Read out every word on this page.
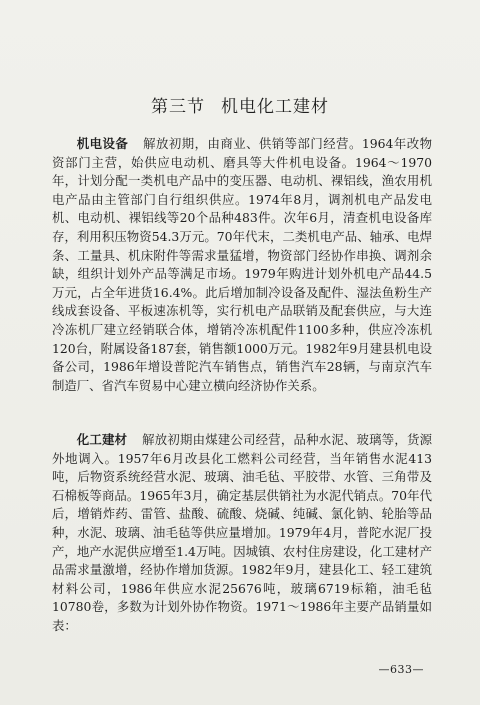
第三节 机电化工建材

机电设备 解放初期，由商业、供销等部门经营。1964年改物资部门主营，始供应电动机、磨具等大件机电设备。1964～1970年，计划分配一类机电产品中的变压器、电动机、裸铝线，渔农用机电产品由主管部门自行组织供应。1974年8月，调剂机电产品发电机、电动机、裸铝线等20个品种483件。次年6月，清查机电设备库存，利用积压物资54.3万元。70年代末，二类机电产品、轴承、电焊条、工量具、机床附件等需求量猛增，物资部门经协作串换、调剂余缺，组织计划外产品等满足市场。1979年购进计划外机电产品44.5万元，占全年进货16.4%。此后增加制冷设备及配件、湿法鱼粉生产线成套设备、平板速冻机等，实行机电产品联销及配套供应，与大连冷冻机厂建立经销联合体，增销冷冻机配件1100多种，供应冷冻机120台，附属设备187套，销售额1000万元。1982年9月建县机电设备公司，1986年增设普陀汽车销售点，销售汽车28辆，与南京汽车制造厂、省汽车贸易中心建立横向经济协作关系。

化工建材 解放初期由煤建公司经营，品种水泥、玻璃等，货源外地调入。1957年6月改县化工燃料公司经营，当年销售水泥413吨，后物资系统经营水泥、玻璃、油毛毡、平胶带、水管、三角带及石棉板等商品。1965年3月，确定基层供销社为水泥代销点。70年代后，增销炸药、雷管、盐酸、硫酸、烧碱、纯碱、氯化钠、轮胎等品种，水泥、玻璃、油毛毡等供应量增加。1979年4月，普陀水泥厂投产，地产水泥供应增至1.4万吨。因城镇、农村住房建设，化工建材产品需求量激增，经协作增加货源。1982年9月，建县化工、轻工建筑材料公司，1986年供应水泥25676吨，玻璃6719标箱，油毛毡10780卷，多数为计划外协作物资。1971～1986年主要产品销量如表：

—633—
